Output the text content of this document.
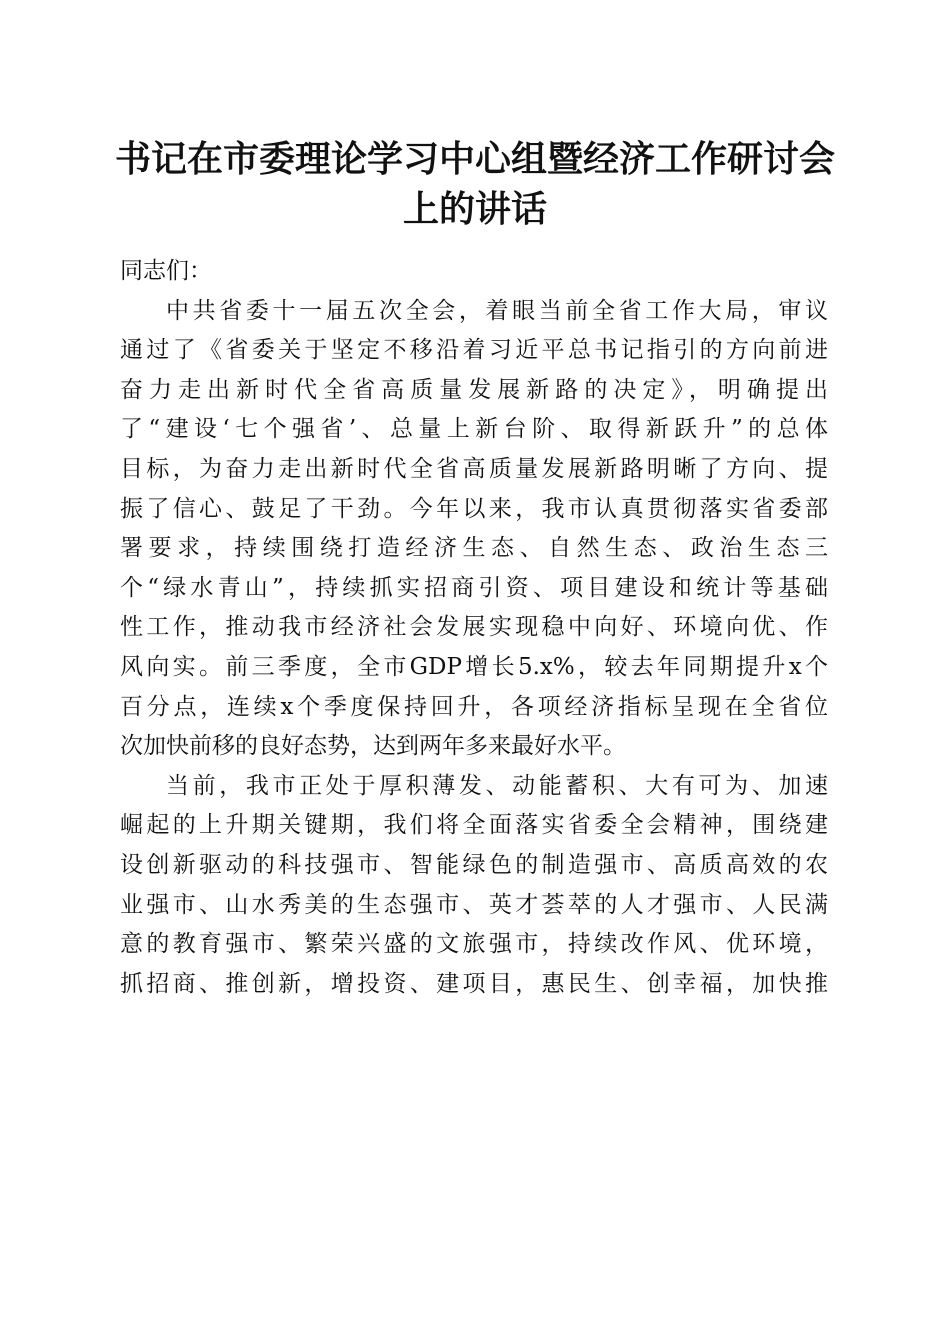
书记在市委理论学习中心组暨经济工作研讨会
上的讲话

同志们：

中共省委十一届五次全会，着眼当前全省工作大局，审议
通过了《省委关于坚定不移沿着习近平总书记指引的方向前进
奋力走出新时代全省高质量发展新路的决定》，明确提出
了“建设‘七个强省’、总量上新台阶、取得新跃升”的总体
目标，为奋力走出新时代全省高质量发展新路明晰了方向、提
振了信心、鼓足了干劲。今年以来，我市认真贯彻落实省委部
署要求，持续围绕打造经济生态、自然生态、政治生态三
个“绿水青山”，持续抓实招商引资、项目建设和统计等基础
性工作，推动我市经济社会发展实现稳中向好、环境向优、作
风向实。前三季度，全市GDP增长5.x%，较去年同期提升x个
百分点，连续x个季度保持回升，各项经济指标呈现在全省位
次加快前移的良好态势，达到两年多来最好水平。

当前，我市正处于厚积薄发、动能蓄积、大有可为、加速
崛起的上升期关键期，我们将全面落实省委全会精神，围绕建
设创新驱动的科技强市、智能绿色的制造强市、高质高效的农
业强市、山水秀美的生态强市、英才荟萃的人才强市、人民满
意的教育强市、繁荣兴盛的文旅强市，持续改作风、优环境，
抓招商、推创新，增投资、建项目，惠民生、创幸福，加快推
